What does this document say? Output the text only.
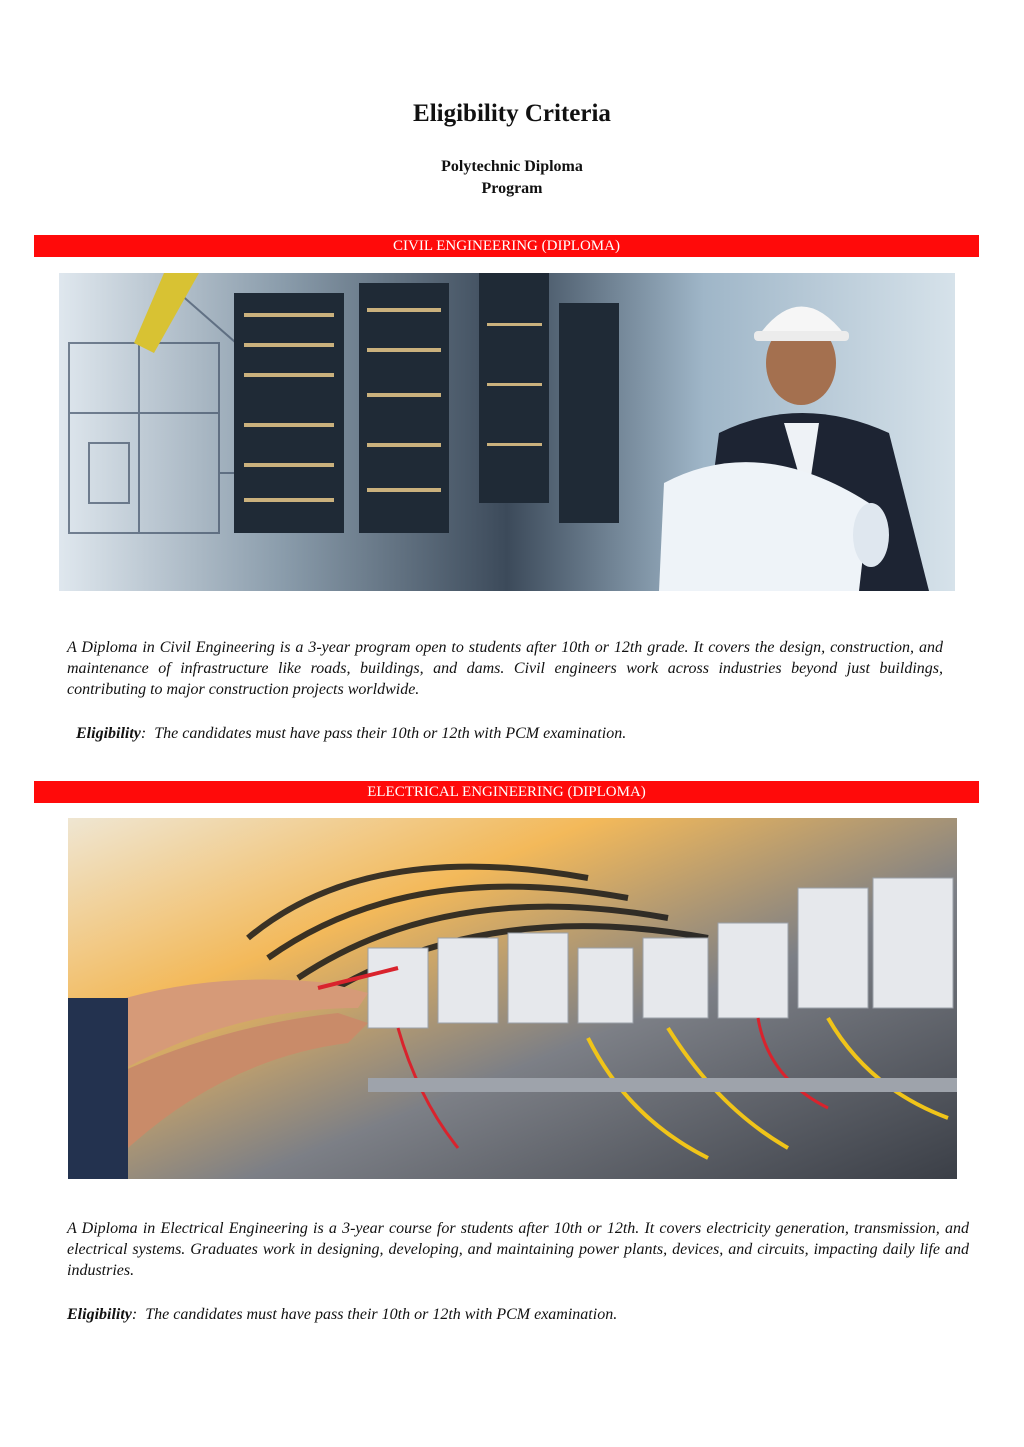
Eligibility Criteria
Polytechnic Diploma
Program
CIVIL ENGINEERING (DIPLOMA)

A Diploma in Civil Engineering is a 3-year program open to students after 10th or 12th grade. It covers the design, construction, and maintenance of infrastructure like roads, buildings, and dams. Civil engineers work across industries beyond just buildings, contributing to major construction projects worldwide.

Eligibility:  The candidates must have pass their 10th or 12th with PCM examination.

ELECTRICAL ENGINEERING (DIPLOMA)

A Diploma in Electrical Engineering is a 3-year course for students after 10th or 12th. It covers electricity generation, transmission, and electrical systems. Graduates work in designing, developing, and maintaining power plants, devices, and circuits, impacting daily life and industries.

Eligibility:  The candidates must have pass their 10th or 12th with PCM examination.
